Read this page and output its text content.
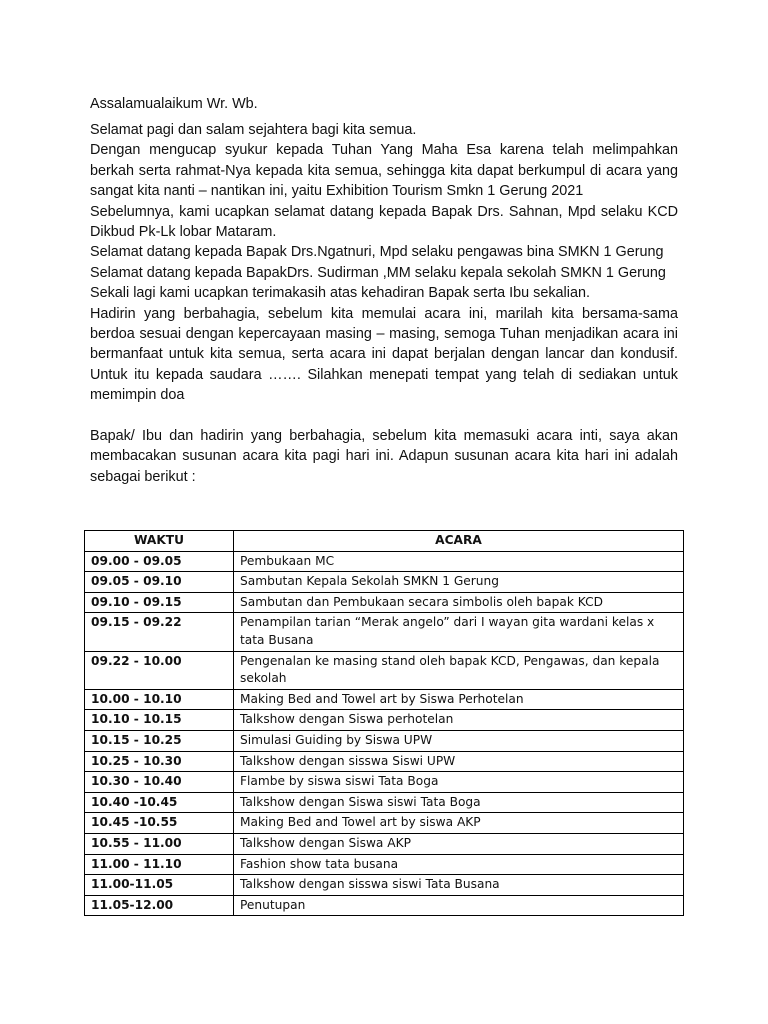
Assalamualaikum Wr. Wb.

Selamat pagi dan salam sejahtera bagi kita semua.

Dengan mengucap syukur kepada Tuhan Yang Maha Esa karena telah melimpahkan berkah serta rahmat-Nya kepada kita semua, sehingga kita dapat berkumpul di acara yang sangat kita nanti – nantikan ini, yaitu Exhibition Tourism Smkn 1 Gerung 2021

Sebelumnya, kami ucapkan selamat datang kepada Bapak Drs. Sahnan, Mpd selaku KCD Dikbud Pk-Lk lobar Mataram.

Selamat datang kepada Bapak Drs.Ngatnuri, Mpd selaku pengawas bina SMKN 1 Gerung

Selamat datang kepada BapakDrs. Sudirman ,MM selaku kepala sekolah SMKN 1 Gerung

Sekali lagi kami ucapkan terimakasih atas kehadiran Bapak serta Ibu sekalian.

Hadirin yang berbahagia, sebelum kita memulai acara ini, marilah kita bersama-sama berdoa sesuai dengan kepercayaan masing – masing, semoga Tuhan menjadikan acara ini bermanfaat untuk kita semua, serta acara ini dapat berjalan dengan lancar dan kondusif. Untuk itu kepada saudara ……. Silahkan menepati tempat yang telah di sediakan untuk memimpin doa

Bapak/ Ibu dan hadirin yang berbahagia, sebelum kita memasuki acara inti, saya akan membacakan susunan acara kita pagi hari ini. Adapun susunan acara kita hari ini adalah sebagai berikut :

WAKTU	ACARA
09.00 - 09.05	Pembukaan MC
09.05 - 09.10	Sambutan Kepala Sekolah SMKN 1 Gerung
09.10 - 09.15	Sambutan dan Pembukaan secara simbolis oleh bapak KCD
09.15 - 09.22	Penampilan tarian “Merak angelo” dari I wayan gita wardani kelas x tata Busana
09.22 - 10.00	Pengenalan ke masing stand oleh bapak KCD, Pengawas, dan kepala sekolah
10.00 - 10.10	Making Bed and Towel art by Siswa Perhotelan
10.10 - 10.15	Talkshow dengan Siswa perhotelan
10.15 - 10.25	Simulasi Guiding by Siswa UPW
10.25 - 10.30	Talkshow dengan sisswa Siswi UPW
10.30 - 10.40	Flambe by siswa siswi Tata Boga
10.40 -10.45	Talkshow dengan Siswa siswi Tata Boga
10.45 -10.55	Making Bed and Towel art by siswa AKP
10.55 - 11.00	Talkshow dengan Siswa AKP
11.00 - 11.10	Fashion show tata busana
11.00-11.05	Talkshow dengan sisswa siswi Tata Busana
11.05-12.00	Penutupan
